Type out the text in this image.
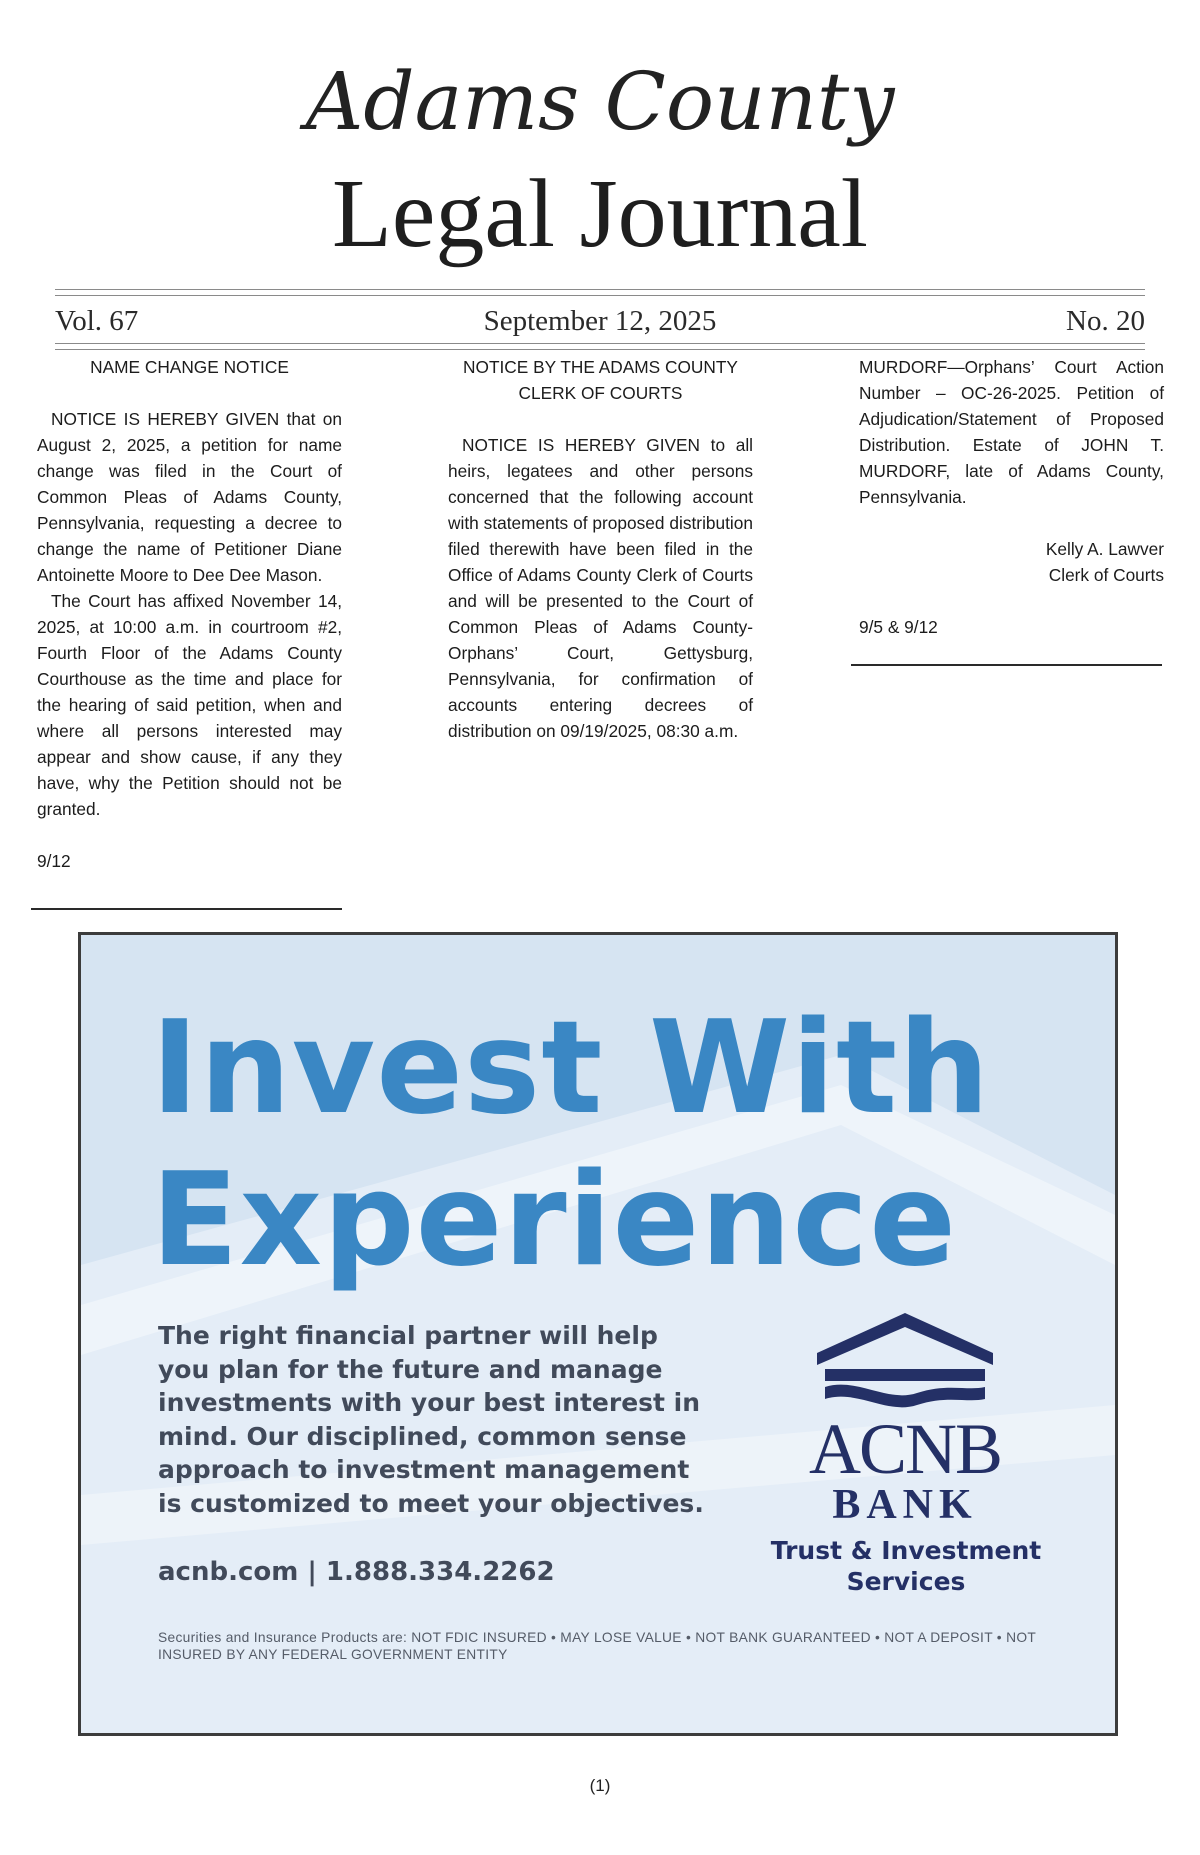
Adams County
Legal Journal
Vol. 67	September 12, 2025	No. 20

NAME CHANGE NOTICE

NOTICE IS HEREBY GIVEN that on August 2, 2025, a petition for name change was filed in the Court of Common Pleas of Adams County, Pennsylvania, requesting a decree to change the name of Petitioner Diane Antoinette Moore to Dee Dee Mason.

The Court has affixed November 14, 2025, at 10:00 a.m. in courtroom #2, Fourth Floor of the Adams County Courthouse as the time and place for the hearing of said petition, when and where all persons interested may appear and show cause, if any they have, why the Petition should not be granted.

9/12

NOTICE BY THE ADAMS COUNTY

CLERK OF COURTS

NOTICE IS HEREBY GIVEN to all heirs, legatees and other persons concerned that the following account with statements of proposed distribution filed therewith have been filed in the Office of Adams County Clerk of Courts and will be presented to the Court of Common Pleas of Adams County-Orphans’ Court, Gettysburg, Pennsylvania, for confirmation of accounts entering decrees of distribution on 09/19/2025, 08:30 a.m.

MURDORF—Orphans’ Court Action Number – OC-26-2025. Petition of Adjudication/Statement of Proposed Distribution. Estate of JOHN T. MURDORF, late of Adams County, Pennsylvania.

Kelly A. Lawver

Clerk of Courts

9/5 & 9/12

Invest With
Experience
The right financial partner will help
you plan for the future and manage
investments with your best interest in
mind. Our disciplined, common sense
approach to investment management
is customized to meet your objectives.
acnb.com | 1.888.334.2262
Securities and Insurance Products are: NOT FDIC INSURED • MAY LOSE VALUE • NOT BANK GUARANTEED • NOT A DEPOSIT • NOT INSURED BY ANY FEDERAL GOVERNMENT ENTITY
ACNB
BANK
Trust & Investment
Services
(1)
